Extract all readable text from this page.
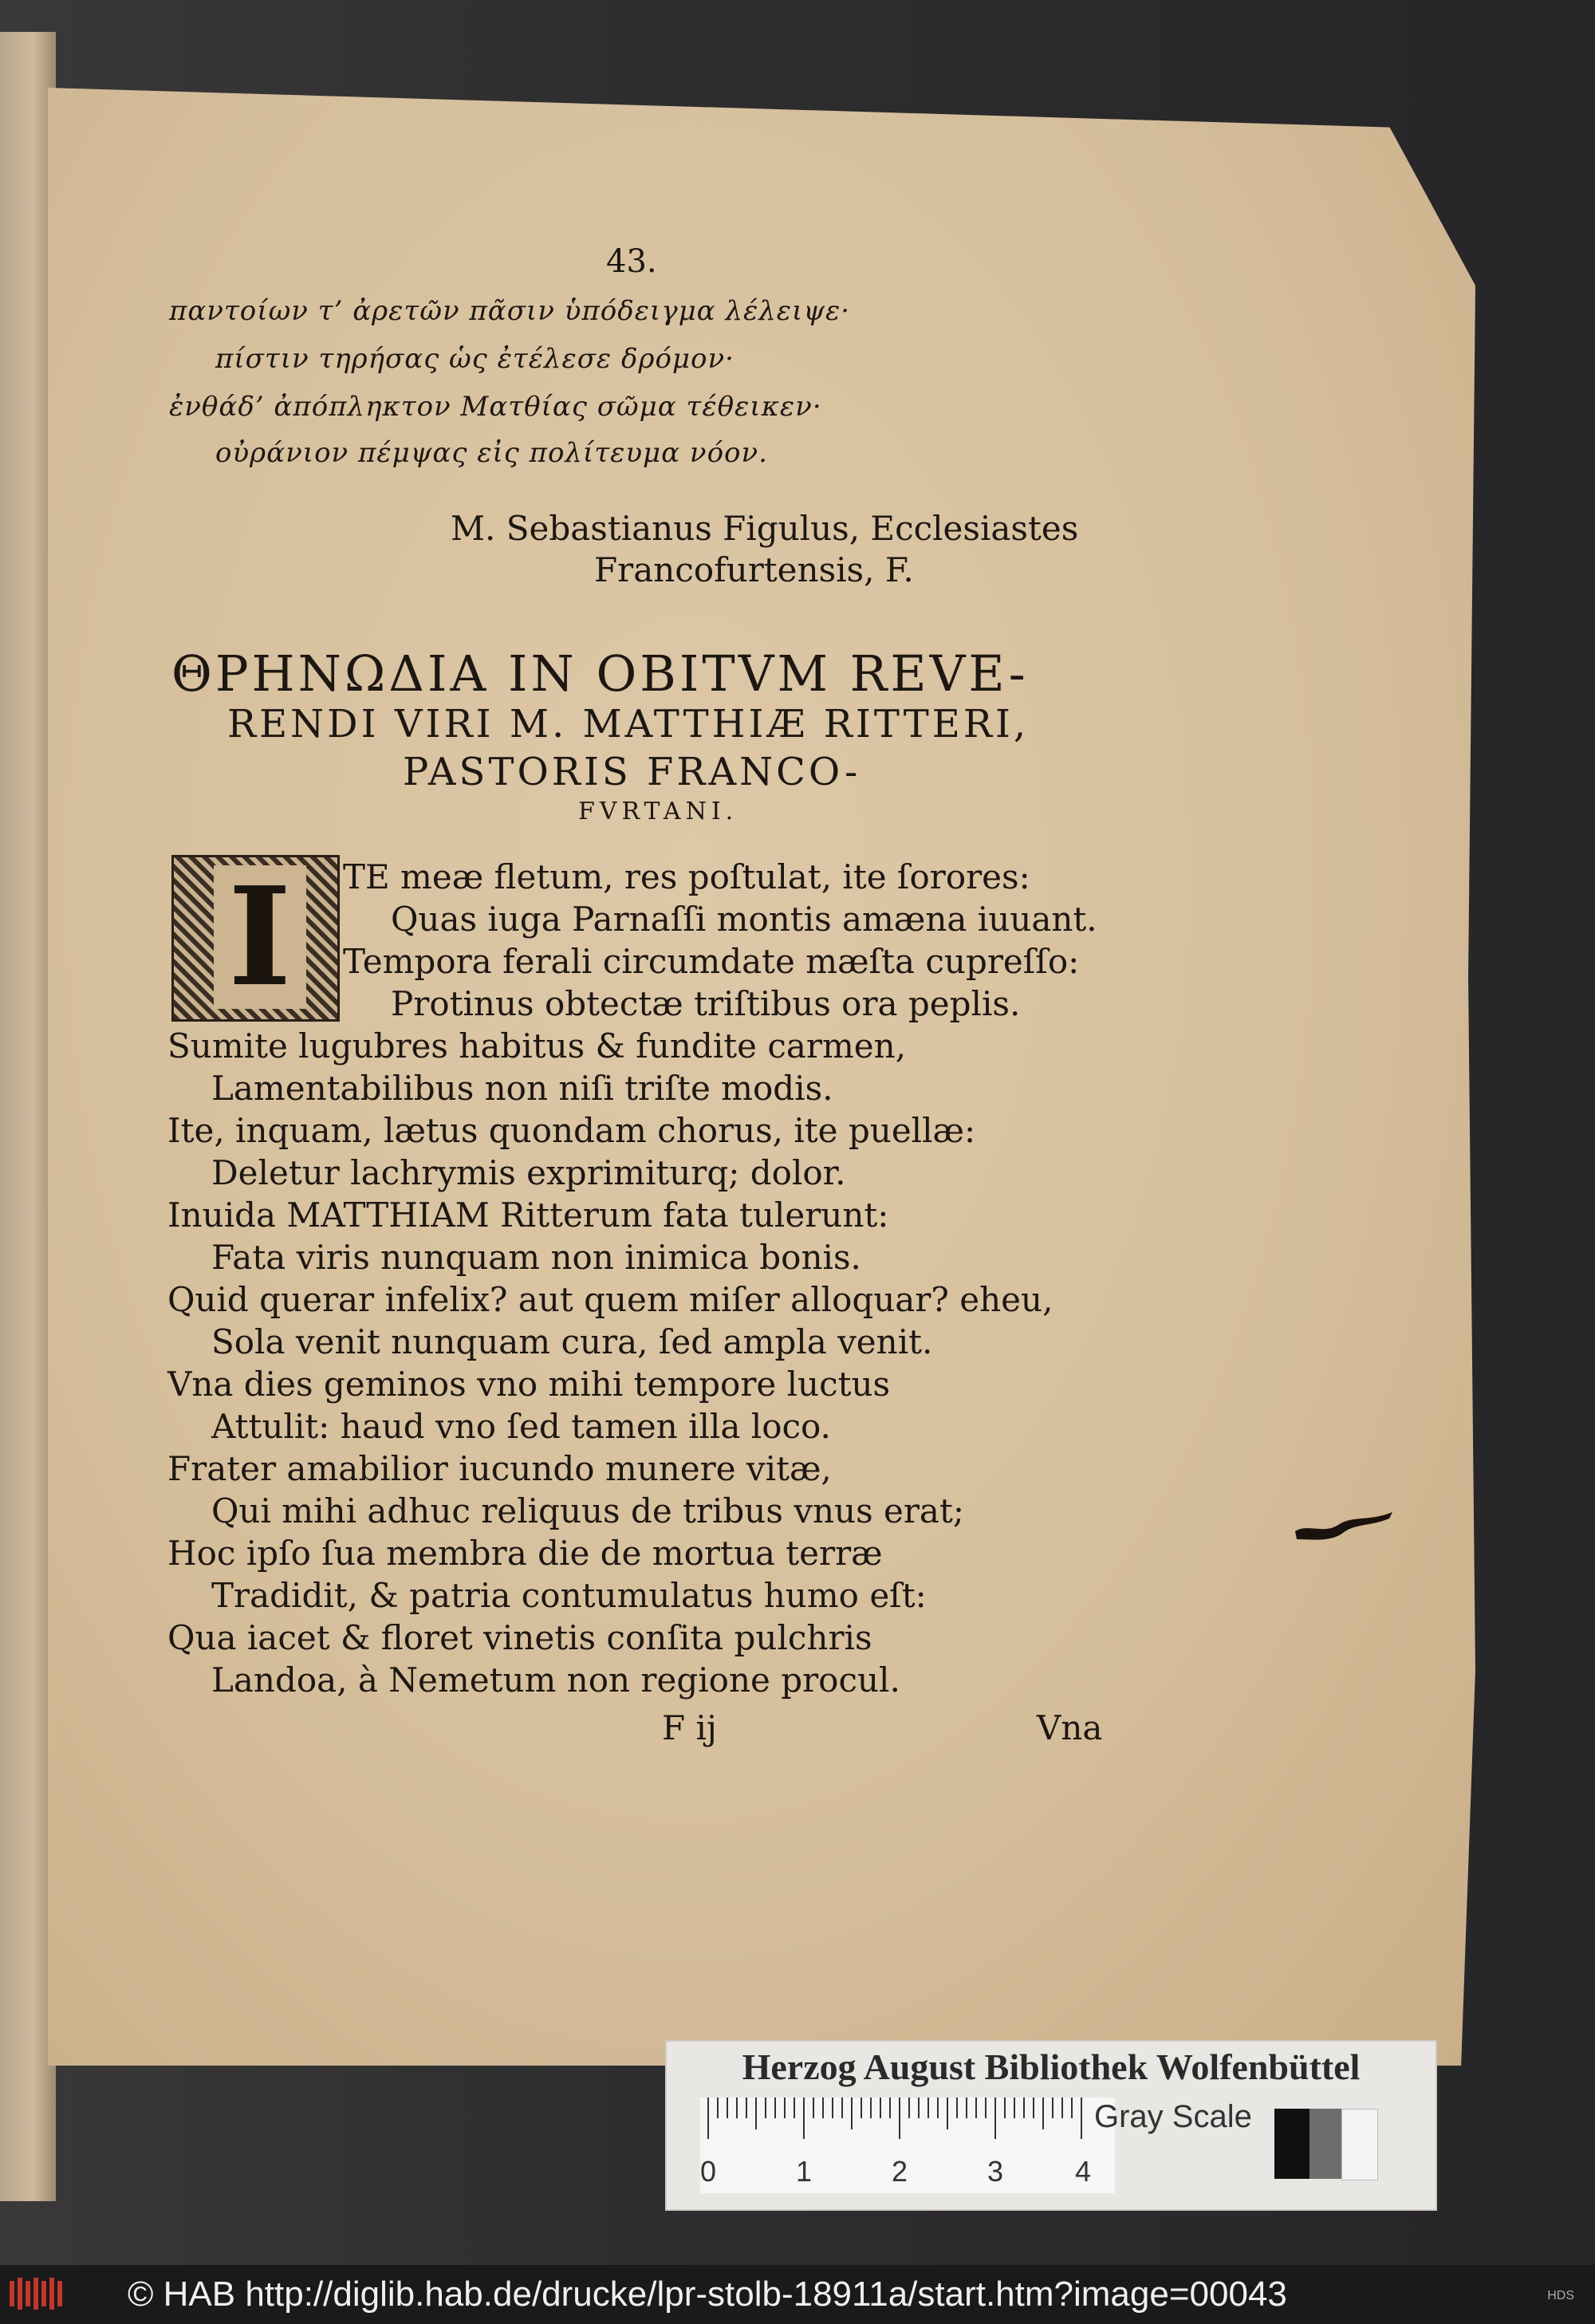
43.
παντοίων τ’ ἀρετῶν πᾶσιν ὑπόδειγμα λέλειψε·
πίστιν τηρήσας ὡς ἐτέλεσε δρόμον·
ἐνθάδ’ ἀπόπληκτον Ματθίας σῶμα τέθεικεν·
οὐράνιον πέμψας εἰς πολίτευμα νόον.
M. Sebastianus Figulus, Ecclesiastes
Francofurtensis, F.
ΘΡΗΝΩΔΙΑ IN OBITVM REVE-
RENDI VIRI M. MATTHIÆ RITTERI,
PASTORIS FRANCO-
FVRTANI.
I	TE meæ fletum, res poſtulat, ite ſorores:
Quas iuga Parnaſſi montis amæna iuuant.
Tempora ferali circumdate mæſta cupreſſo:
Protinus obtectæ triſtibus ora peplis.
Sumite lugubres habitus & fundite carmen,
Lamentabilibus non niſi triſte modis.
Ite, inquam, lætus quondam chorus, ite puellæ:
Deletur lachrymis exprimiturq; dolor.
Inuida MATTHIAM Ritterum fata tulerunt:
Fata viris nunquam non inimica bonis.
Quid querar infelix? aut quem miſer alloquar? eheu,
Sola venit nunquam cura, ſed ampla venit.
Vna dies geminos vno mihi tempore luctus
Attulit: haud vno ſed tamen illa loco.
Frater amabilior iucundo munere vitæ,
Qui mihi adhuc reliquus de tribus vnus erat;
Hoc ipſo ſua membra die de mortua terræ
Tradidit, & patria contumulatus humo eſt:
Qua iacet & floret vinetis conſita pulchris
Landoa, à Nemetum non regione procul.
F ij	Vna
Herzog August Bibliothek Wolfenbüttel
0	1	2	3 4
Gray Scale
© HAB http://diglib.hab.de/drucke/lpr-stolb-18911a/start.htm?image=00043	HDS
